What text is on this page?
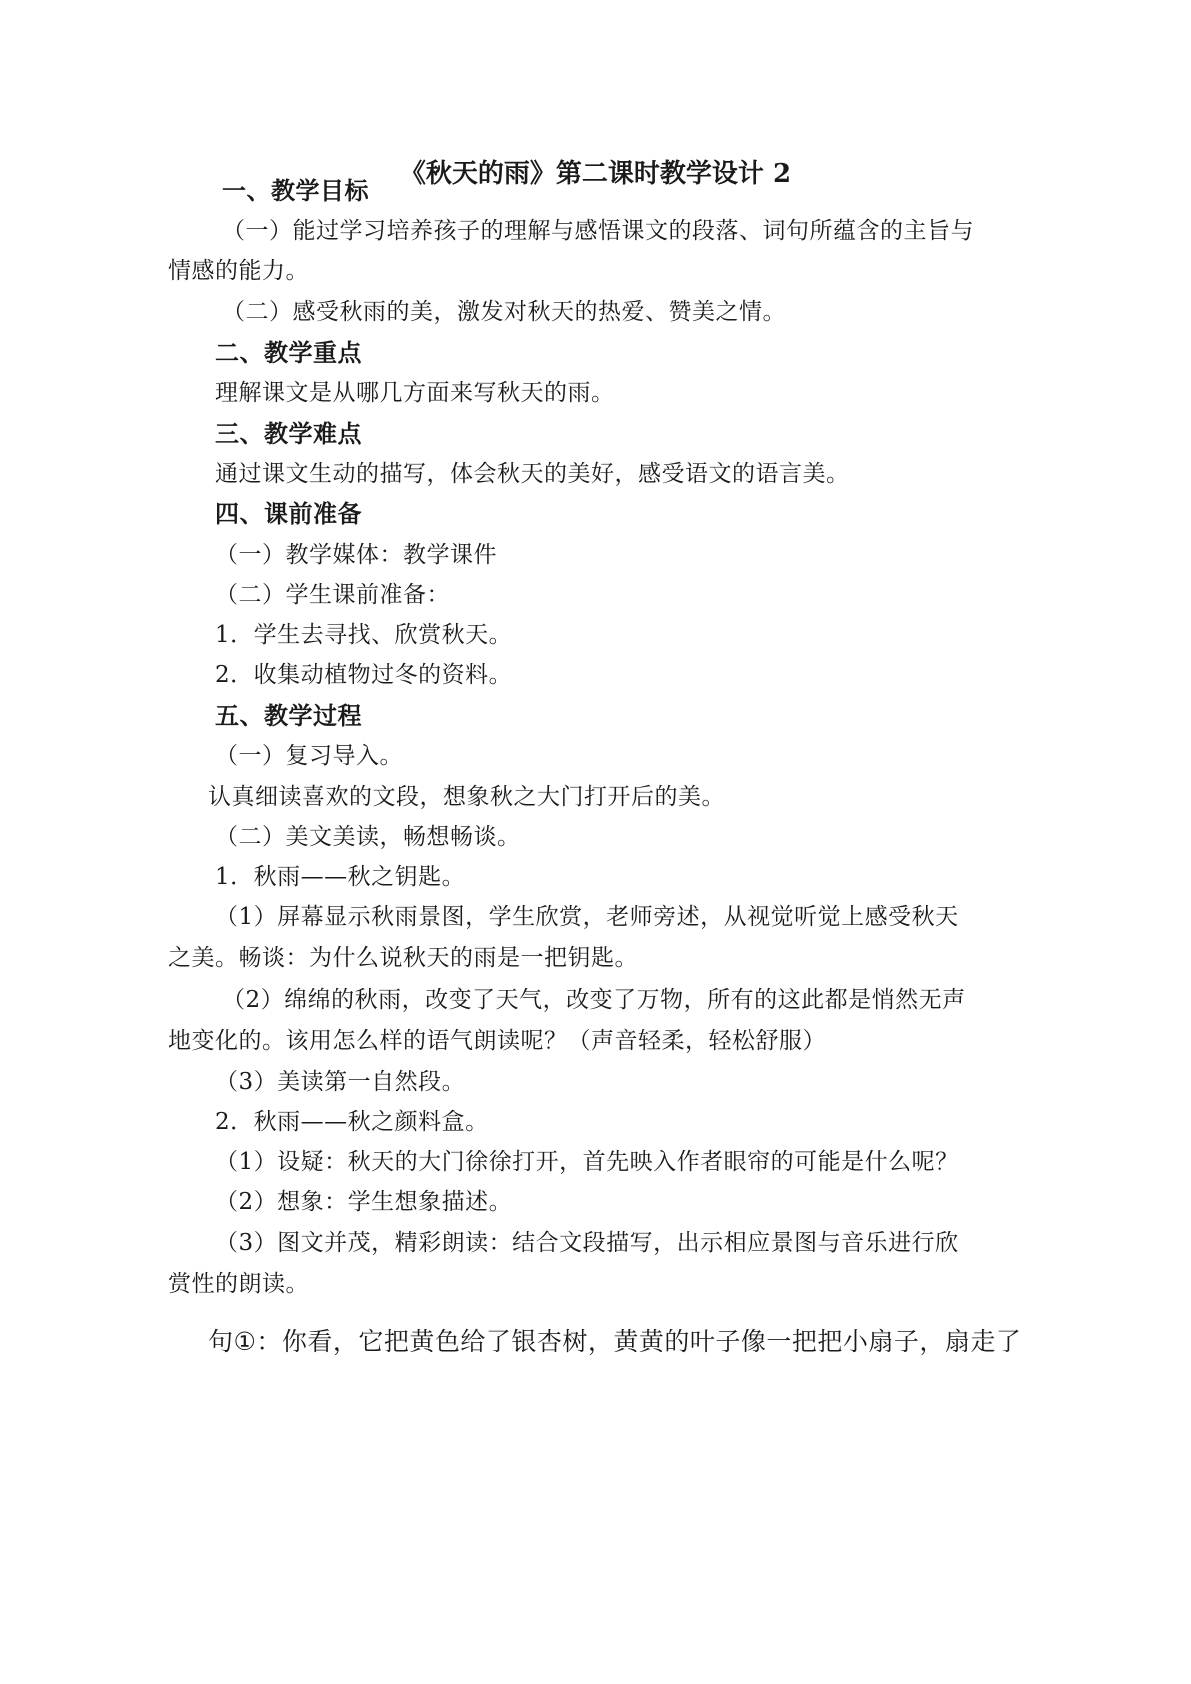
《秋天的雨》第二课时教学设计 2
一、教学目标
（一）能过学习培养孩子的理解与感悟课文的段落、词句所蕴含的主旨与
情感的能力。
（二）感受秋雨的美，激发对秋天的热爱、赞美之情。
二、教学重点
理解课文是从哪几方面来写秋天的雨。
三、教学难点
通过课文生动的描写，体会秋天的美好，感受语文的语言美。
四、课前准备
（一）教学媒体：教学课件
（二）学生课前准备：
1．学生去寻找、欣赏秋天。
2．收集动植物过冬的资料。
五、教学过程
（一）复习导入。
认真细读喜欢的文段，想象秋之大门打开后的美。
（二）美文美读，畅想畅谈。
1．秋雨——秋之钥匙。
（1）屏幕显示秋雨景图，学生欣赏，老师旁述，从视觉听觉上感受秋天
之美。畅谈：为什么说秋天的雨是一把钥匙。
（2）绵绵的秋雨，改变了天气，改变了万物，所有的这此都是悄然无声
地变化的。该用怎么样的语气朗读呢？（声音轻柔，轻松舒服）
（3）美读第一自然段。
2．秋雨——秋之颜料盒。
（1）设疑：秋天的大门徐徐打开，首先映入作者眼帘的可能是什么呢？
（2）想象：学生想象描述。
（3）图文并茂，精彩朗读：结合文段描写，出示相应景图与音乐进行欣
赏性的朗读。
句①：你看，它把黄色给了银杏树，黄黄的叶子像一把把小扇子，扇走了
